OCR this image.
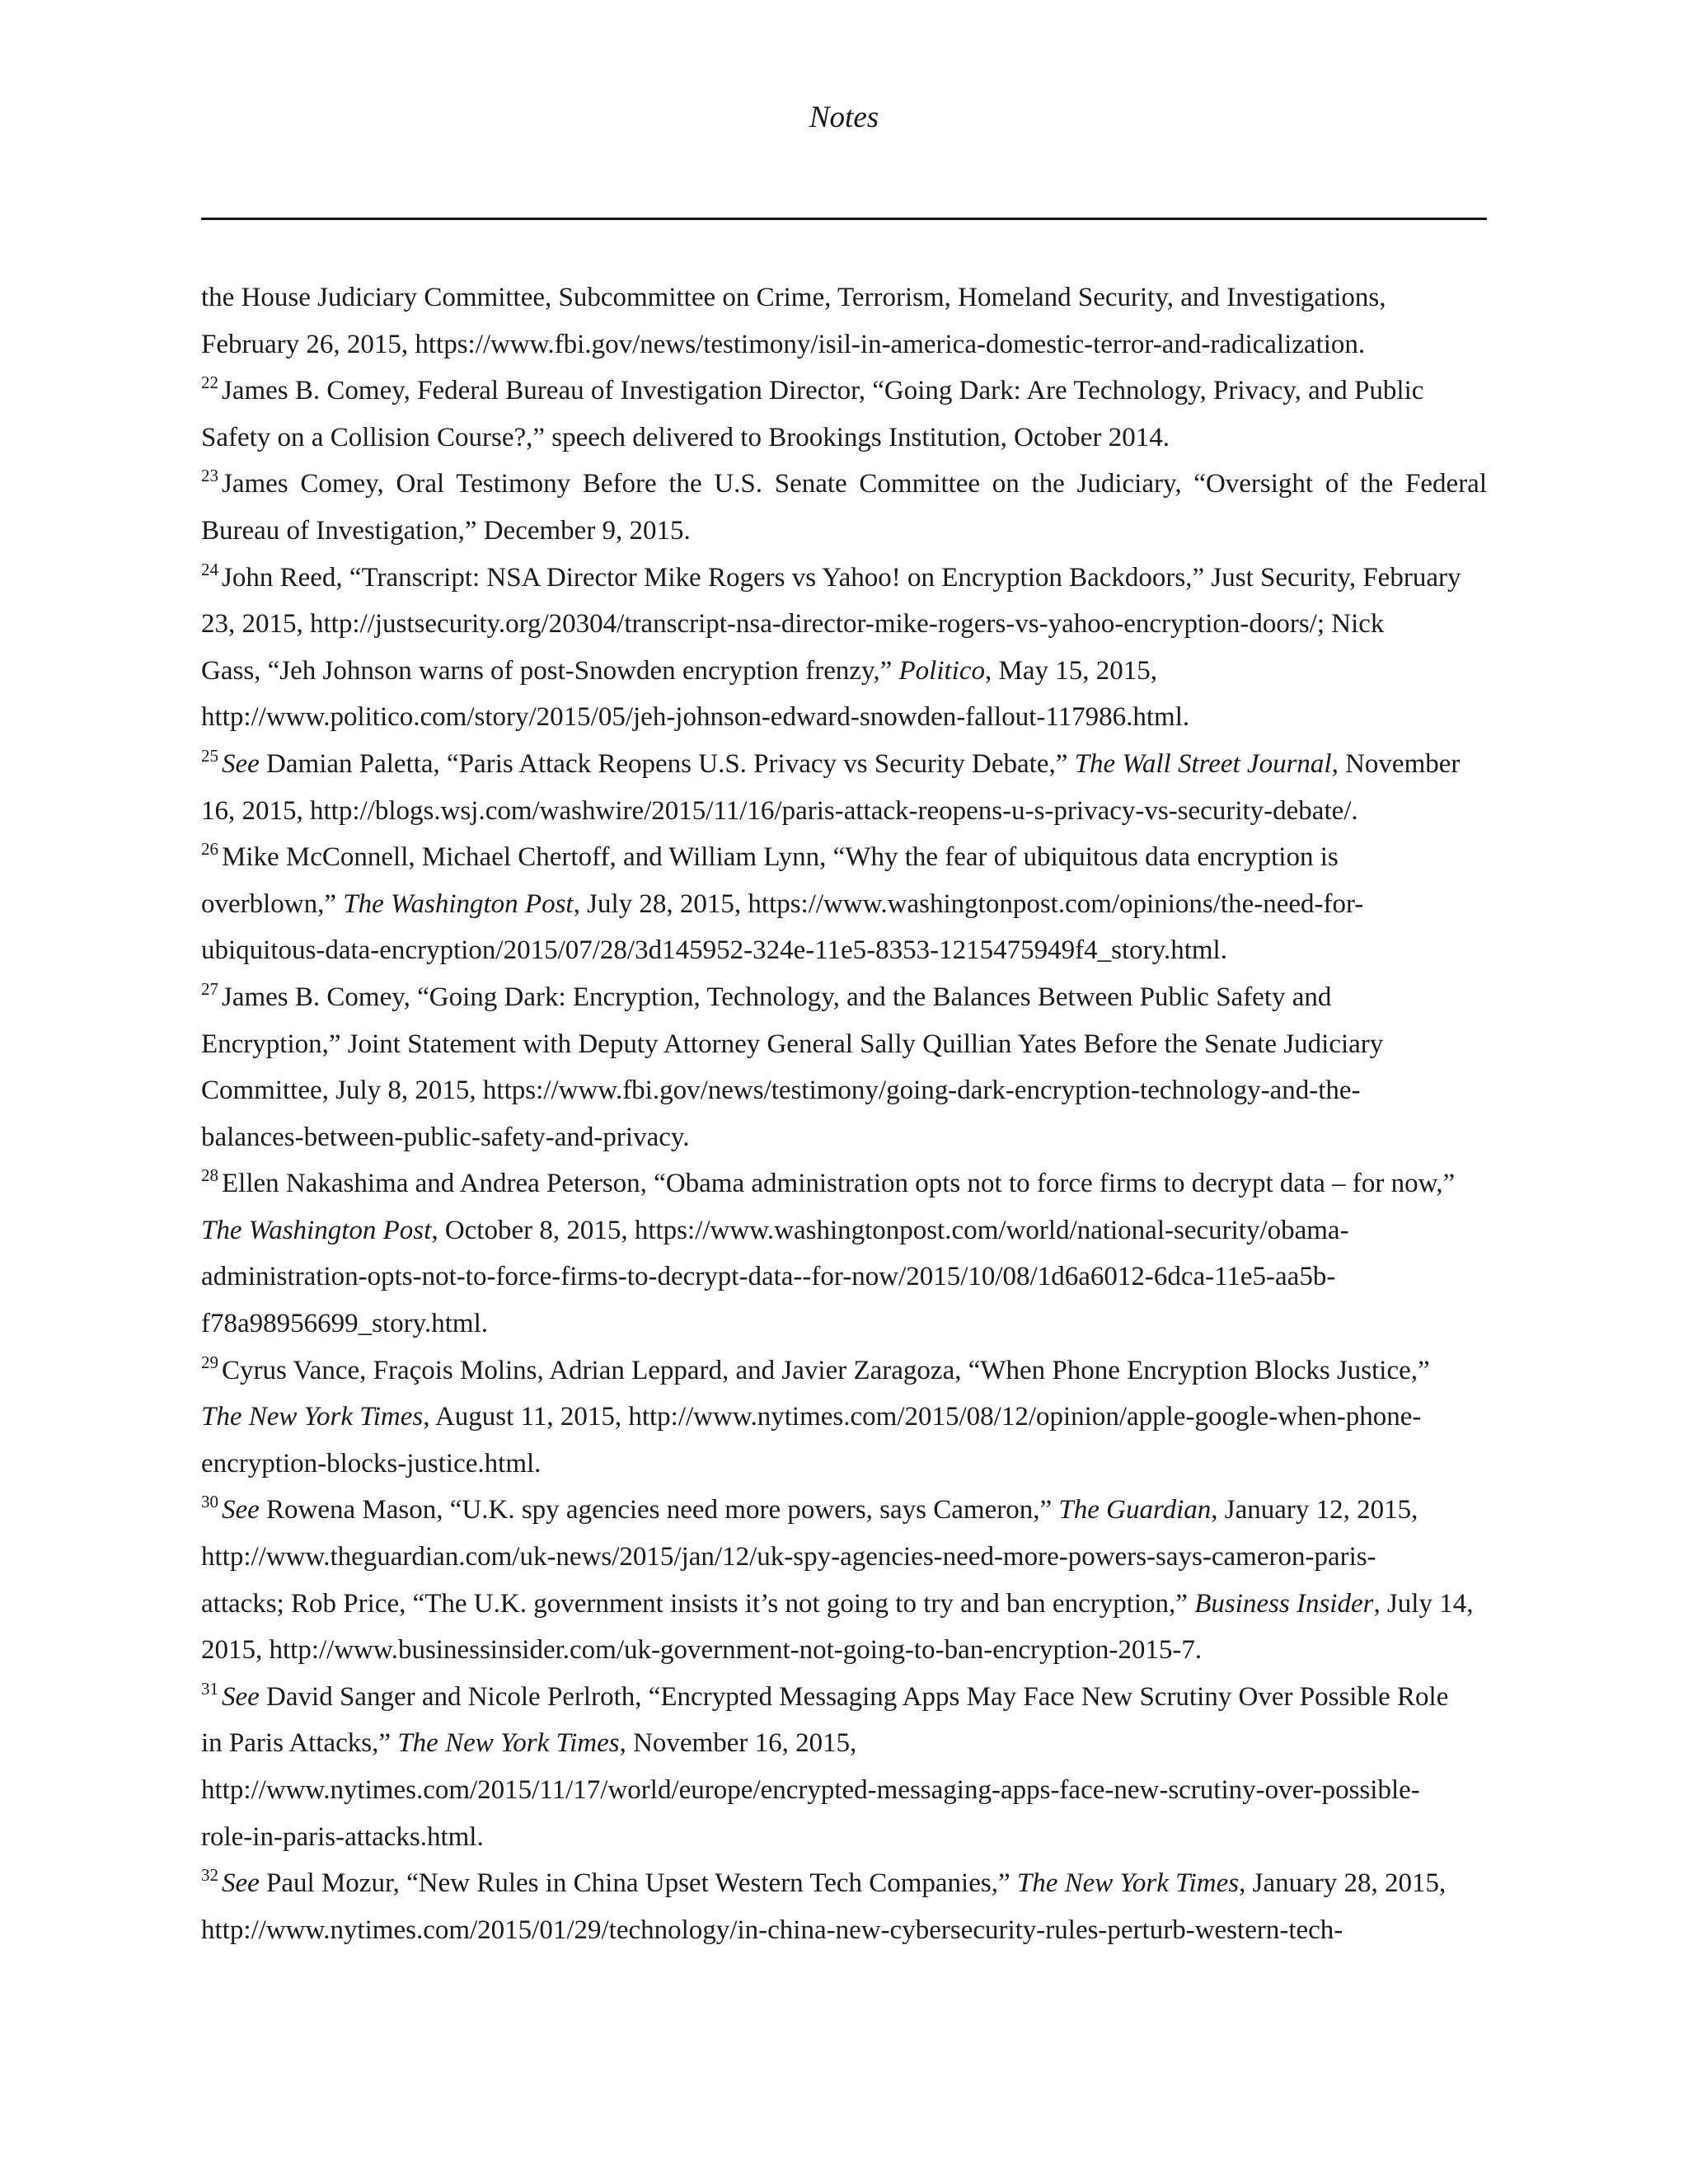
Notes
the House Judiciary Committee, Subcommittee on Crime, Terrorism, Homeland Security, and Investigations,
February 26, 2015, https://www.fbi.gov/news/testimony/isil-in-america-domestic-terror-and-radicalization.
$^{22}$ James B. Comey, Federal Bureau of Investigation Director, “Going Dark: Are Technology, Privacy, and Public
Safety on a Collision Course?,” speech delivered to Brookings Institution, October 2014.
$^{23}$ James Comey, Oral Testimony Before the U.S. Senate Committee on the Judiciary, “Oversight of the Federal
Bureau of Investigation,” December 9, 2015.
$^{24}$ John Reed, “Transcript: NSA Director Mike Rogers vs Yahoo! on Encryption Backdoors,” Just Security, February
23, 2015, http://justsecurity.org/20304/transcript-nsa-director-mike-rogers-vs-yahoo-encryption-doors/; Nick
Gass, “Jeh Johnson warns of post-Snowden encryption frenzy,” Politico, May 15, 2015,
http://www.politico.com/story/2015/05/jeh-johnson-edward-snowden-fallout-117986.html.
$^{25}$ See Damian Paletta, “Paris Attack Reopens U.S. Privacy vs Security Debate,” The Wall Street Journal, November
16, 2015, http://blogs.wsj.com/washwire/2015/11/16/paris-attack-reopens-u-s-privacy-vs-security-debate/.
$^{26}$ Mike McConnell, Michael Chertoff, and William Lynn, “Why the fear of ubiquitous data encryption is
overblown,” The Washington Post, July 28, 2015, https://www.washingtonpost.com/opinions/the-need-for-
ubiquitous-data-encryption/2015/07/28/3d145952-324e-11e5-8353-1215475949f4_story.html.
$^{27}$ James B. Comey, “Going Dark: Encryption, Technology, and the Balances Between Public Safety and
Encryption,” Joint Statement with Deputy Attorney General Sally Quillian Yates Before the Senate Judiciary
Committee, July 8, 2015, https://www.fbi.gov/news/testimony/going-dark-encryption-technology-and-the-
balances-between-public-safety-and-privacy.
$^{28}$ Ellen Nakashima and Andrea Peterson, “Obama administration opts not to force firms to decrypt data – for now,”
The Washington Post, October 8, 2015, https://www.washingtonpost.com/world/national-security/obama-
administration-opts-not-to-force-firms-to-decrypt-data--for-now/2015/10/08/1d6a6012-6dca-11e5-aa5b-
f78a98956699_story.html.
$^{29}$ Cyrus Vance, Fraçois Molins, Adrian Leppard, and Javier Zaragoza, “When Phone Encryption Blocks Justice,”
The New York Times, August 11, 2015, http://www.nytimes.com/2015/08/12/opinion/apple-google-when-phone-
encryption-blocks-justice.html.
$^{30}$ See Rowena Mason, “U.K. spy agencies need more powers, says Cameron,” The Guardian, January 12, 2015,
http://www.theguardian.com/uk-news/2015/jan/12/uk-spy-agencies-need-more-powers-says-cameron-paris-
attacks; Rob Price, “The U.K. government insists it’s not going to try and ban encryption,” Business Insider, July 14,
2015, http://www.businessinsider.com/uk-government-not-going-to-ban-encryption-2015-7.
$^{31}$ See David Sanger and Nicole Perlroth, “Encrypted Messaging Apps May Face New Scrutiny Over Possible Role
in Paris Attacks,” The New York Times, November 16, 2015,
http://www.nytimes.com/2015/11/17/world/europe/encrypted-messaging-apps-face-new-scrutiny-over-possible-
role-in-paris-attacks.html.
$^{32}$ See Paul Mozur, “New Rules in China Upset Western Tech Companies,” The New York Times, January 28, 2015,
http://www.nytimes.com/2015/01/29/technology/in-china-new-cybersecurity-rules-perturb-western-tech-
